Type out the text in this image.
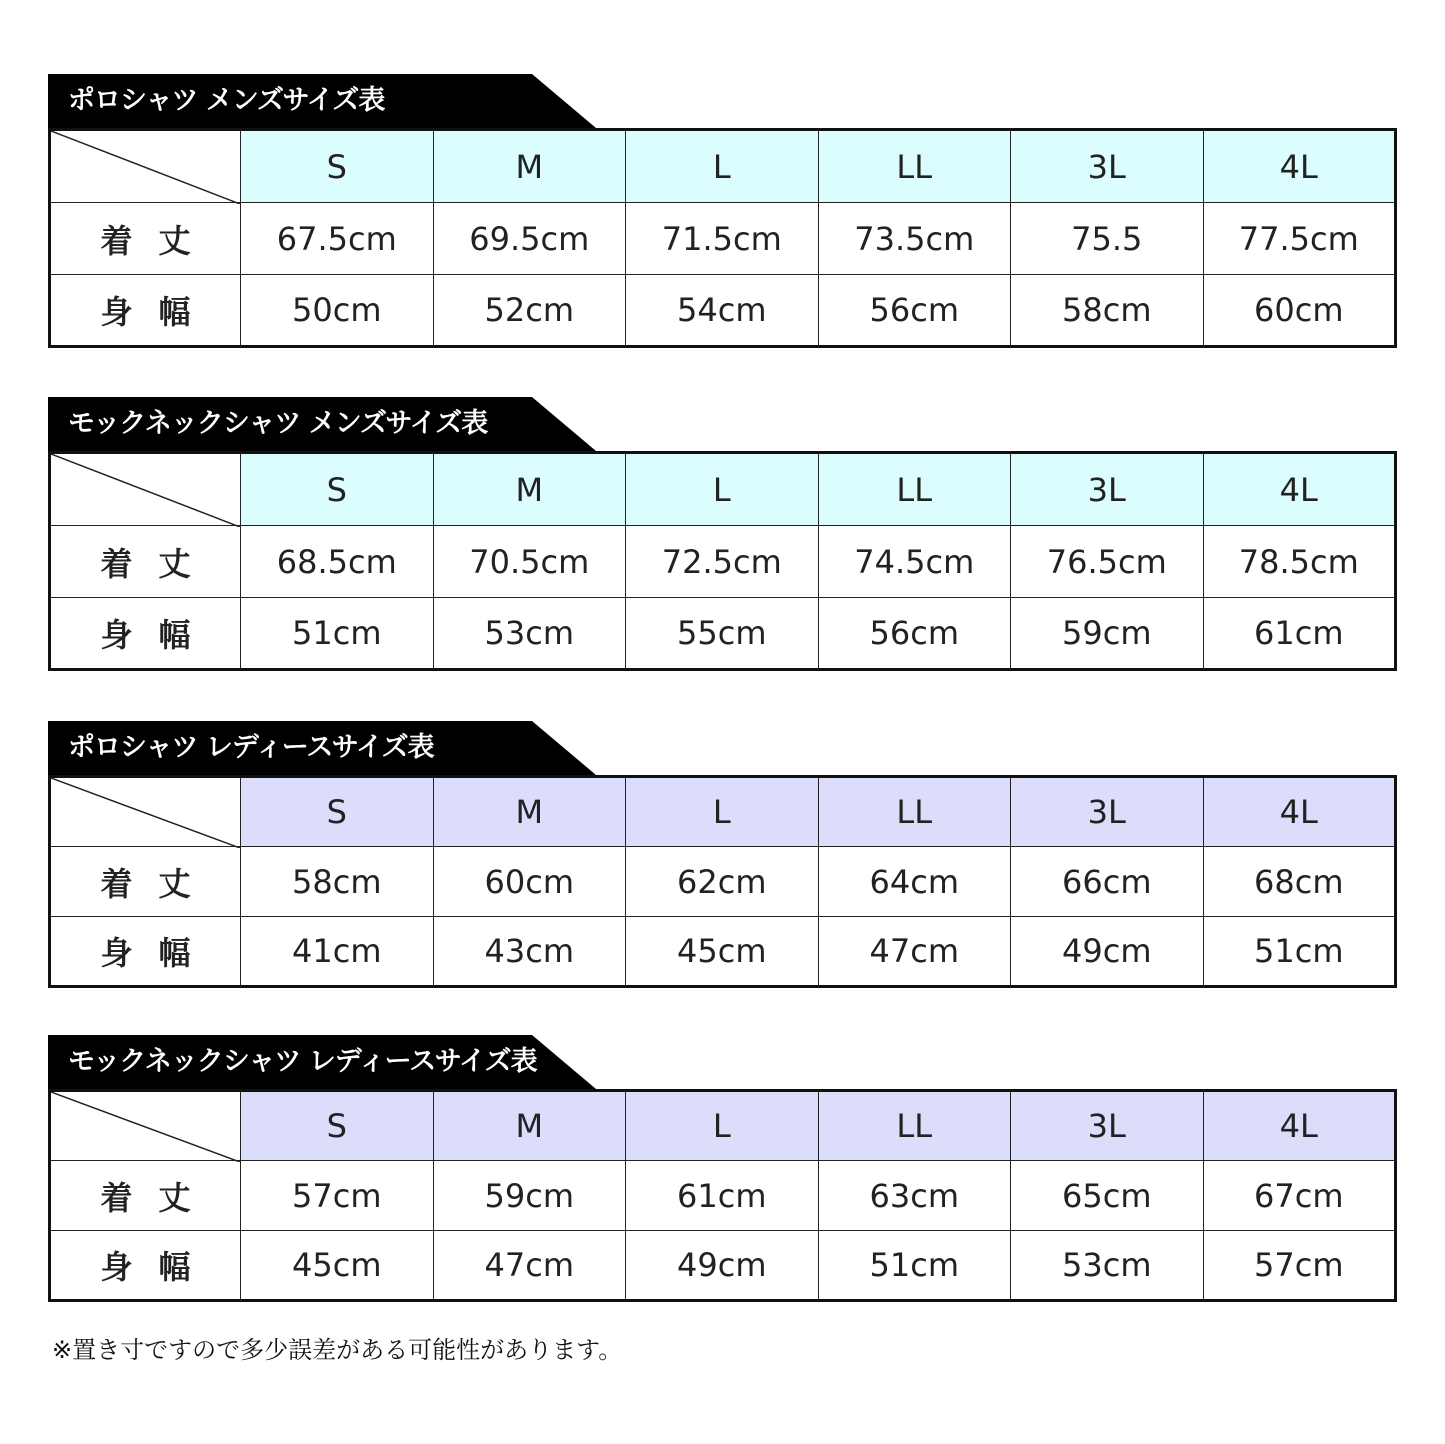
ポロシャツ メンズサイズ表
	S	M	L	LL	3L	4L
着丈	67.5cm	69.5cm	71.5cm	73.5cm	75.5	77.5cm
身幅	50cm	52cm	54cm	56cm	58cm	60cm
モックネックシャツ メンズサイズ表
	S	M	L	LL	3L	4L
着丈	68.5cm	70.5cm	72.5cm	74.5cm	76.5cm	78.5cm
身幅	51cm	53cm	55cm	56cm	59cm	61cm
ポロシャツ レディースサイズ表
	S	M	L	LL	3L	4L
着丈	58cm	60cm	62cm	64cm	66cm	68cm
身幅	41cm	43cm	45cm	47cm	49cm	51cm
モックネックシャツ レディースサイズ表
	S	M	L	LL	3L	4L
着丈	57cm	59cm	61cm	63cm	65cm	67cm
身幅	45cm	47cm	49cm	51cm	53cm	57cm
※置き寸ですので多少誤差がある可能性があります。
